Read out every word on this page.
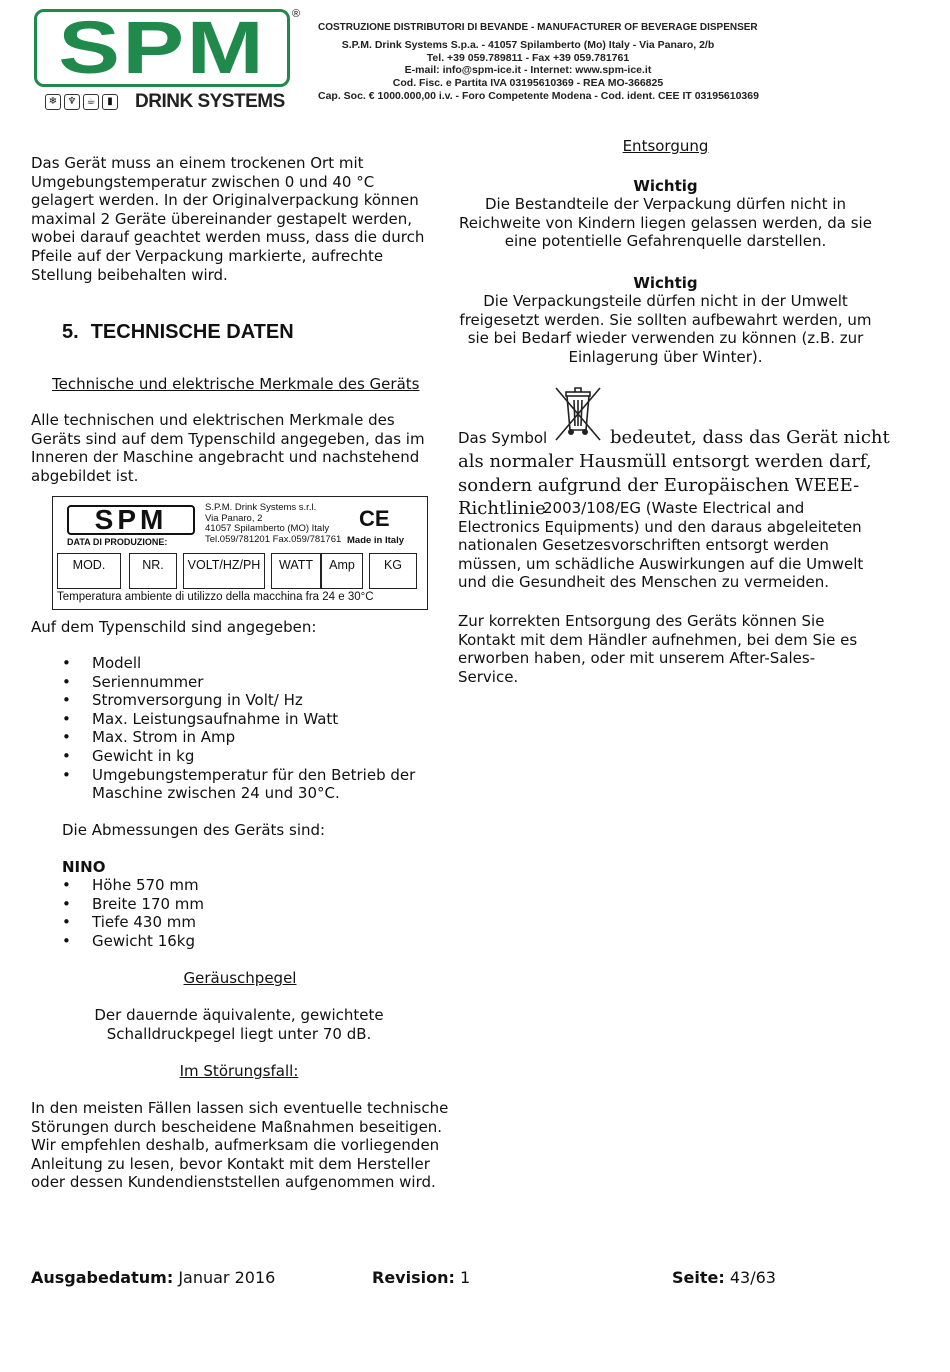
SPM ®
❄	♆	☕	▮ DRINK SYSTEMS
COSTRUZIONE DISTRIBUTORI DI BEVANDE - MANUFACTURER OF BEVERAGE DISPENSER
S.P.M. Drink Systems S.p.a. - 41057 Spilamberto (Mo) Italy - Via Panaro, 2/b
Tel. +39 059.789811 - Fax +39 059.781761
E-mail: info@spm-ice.it - Internet: www.spm-ice.it
Cod. Fisc. e Partita IVA 03195610369 - REA MO-366825
Cap. Soc. € 1000.000,00 i.v. - Foro Competente Modena - Cod. ident. CEE IT 03195610369
Das Gerät muss an einem trockenen Ort mit Umgebungstemperatur zwischen 0 und 40 °C gelagert werden. In der Originalverpackung können maximal 2 Geräte übereinander gestapelt werden, wobei darauf geachtet werden muss, dass die durch Pfeile auf der Verpackung markierte, aufrechte Stellung beibehalten wird.
5. TECHNISCHE DATEN
Technische und elektrische Merkmale des Geräts
Alle technischen und elektrischen Merkmale des Geräts sind auf dem Typenschild angegeben, das im Inneren der Maschine angebracht und nachstehend abgebildet ist.
SPM	S.P.M. Drink Systems s.r.l.
Via Panaro, 2
41057 Spilamberto (MO) Italy
Tel.059/781201 Fax.059/781761
CE
Made in Italy
DATA DI PRODUZIONE:
MOD.	NR.	VOLT/HZ/PH	WATT	Amp	KG
Temperatura ambiente di utilizzo della macchina fra 24 e 30°C
Auf dem Typenschild sind angegeben:
• Modell
• Seriennummer
• Stromversorgung in Volt/ Hz
• Max. Leistungsaufnahme in Watt
• Max. Strom in Amp
• Gewicht in kg
• Umgebungstemperatur für den Betrieb der Maschine zwischen 24 und 30°C.
Die Abmessungen des Geräts sind:
NINO
• Höhe 570 mm
• Breite 170 mm
• Tiefe 430 mm
• Gewicht 16kg
Geräuschpegel
Der dauernde äquivalente, gewichtete Schalldruckpegel liegt unter 70 dB.
Im Störungsfall:
In den meisten Fällen lassen sich eventuelle technische Störungen durch bescheidene Maßnahmen beseitigen. Wir empfehlen deshalb, aufmerksam die vorliegenden Anleitung zu lesen, bevor Kontakt mit dem Hersteller oder dessen Kundendienststellen aufgenommen wird.
Entsorgung
Wichtig
Die Bestandteile der Verpackung dürfen nicht in Reichweite von Kindern liegen gelassen werden, da sie eine potentielle Gefahrenquelle darstellen.
Wichtig
Die Verpackungsteile dürfen nicht in der Umwelt freigesetzt werden. Sie sollten aufbewahrt werden, um sie bei Bedarf wieder verwenden zu können (z.B. zur Einlagerung über Winter).
Das Symbol	bedeutet, dass das Gerät nicht
als normaler Hausmüll entsorgt werden darf,
sondern aufgrund der Europäischen WEEE-
Richtlinie
2003/108/EG (Waste Electrical and Electronics Equipments) und den daraus abgeleiteten nationalen Gesetzesvorschriften entsorgt werden müssen, um schädliche Auswirkungen auf die Umwelt und die Gesundheit des Menschen zu vermeiden.
Zur korrekten Entsorgung des Geräts können Sie Kontakt mit dem Händler aufnehmen, bei dem Sie es erworben haben, oder mit unserem After-Sales-Service.
Ausgabedatum: Januar 2016	Revision: 1	Seite: 43/63
